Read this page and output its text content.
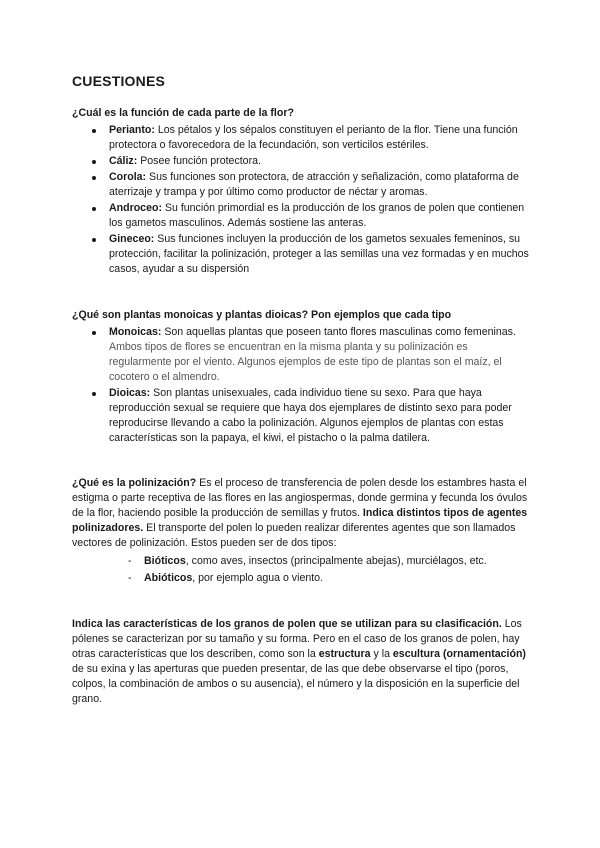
CUESTIONES

¿Cuál es la función de cada parte de la flor?

Perianto: Los pétalos y los sépalos constituyen el perianto de la flor. Tiene una función protectora o favorecedora de la fecundación, son verticilos estériles.
Cáliz: Posee función protectora.
Corola: Sus funciones son protectora, de atracción y señalización, como plataforma de aterrizaje y trampa y por último como productor de néctar y aromas.
Androceo: Su función primordial es la producción de los granos de polen que contienen los gametos masculinos. Además sostiene las anteras.
Gineceo: Sus funciones incluyen la producción de los gametos sexuales femeninos, su protección, facilitar la polinización, proteger a las semillas una vez formadas y en muchos casos, ayudar a su dispersión

¿Qué son plantas monoicas y plantas dioicas? Pon ejemplos que cada tipo

Monoicas: Son aquellas plantas que poseen tanto flores masculinas como femeninas. Ambos tipos de flores se encuentran en la misma planta y su polinización es regularmente por el viento. Algunos ejemplos de este tipo de plantas son el maíz, el cocotero o el almendro.
Dioicas: Son plantas unisexuales, cada individuo tiene su sexo. Para que haya reproducción sexual se requiere que haya dos ejemplares de distinto sexo para poder reproducirse llevando a cabo la polinización. Algunos ejemplos de plantas con estas características son la papaya, el kiwi, el pistacho o la palma datilera.

¿Qué es la polinización? Es el proceso de transferencia de polen desde los estambres hasta el estigma o parte receptiva de las flores en las angiospermas, donde germina y fecunda los óvulos de la flor, haciendo posible la producción de semillas y frutos. Indica distintos tipos de agentes polinizadores. El transporte del polen lo pueden realizar diferentes agentes que son llamados vectores de polinización. Estos pueden ser de dos tipos:

- Bióticos, como aves, insectos (principalmente abejas), murciélagos, etc.
- Abióticos, por ejemplo agua o viento.

Indica las características de los granos de polen que se utilizan para su clasificación. Los pólenes se caracterizan por su tamaño y su forma. Pero en el caso de los granos de polen, hay otras características que los describen, como son la estructura y la escultura (ornamentación) de su exina y las aperturas que pueden presentar, de las que debe observarse el tipo (poros, colpos, la combinación de ambos o su ausencia), el número y la disposición en la superficie del grano.
